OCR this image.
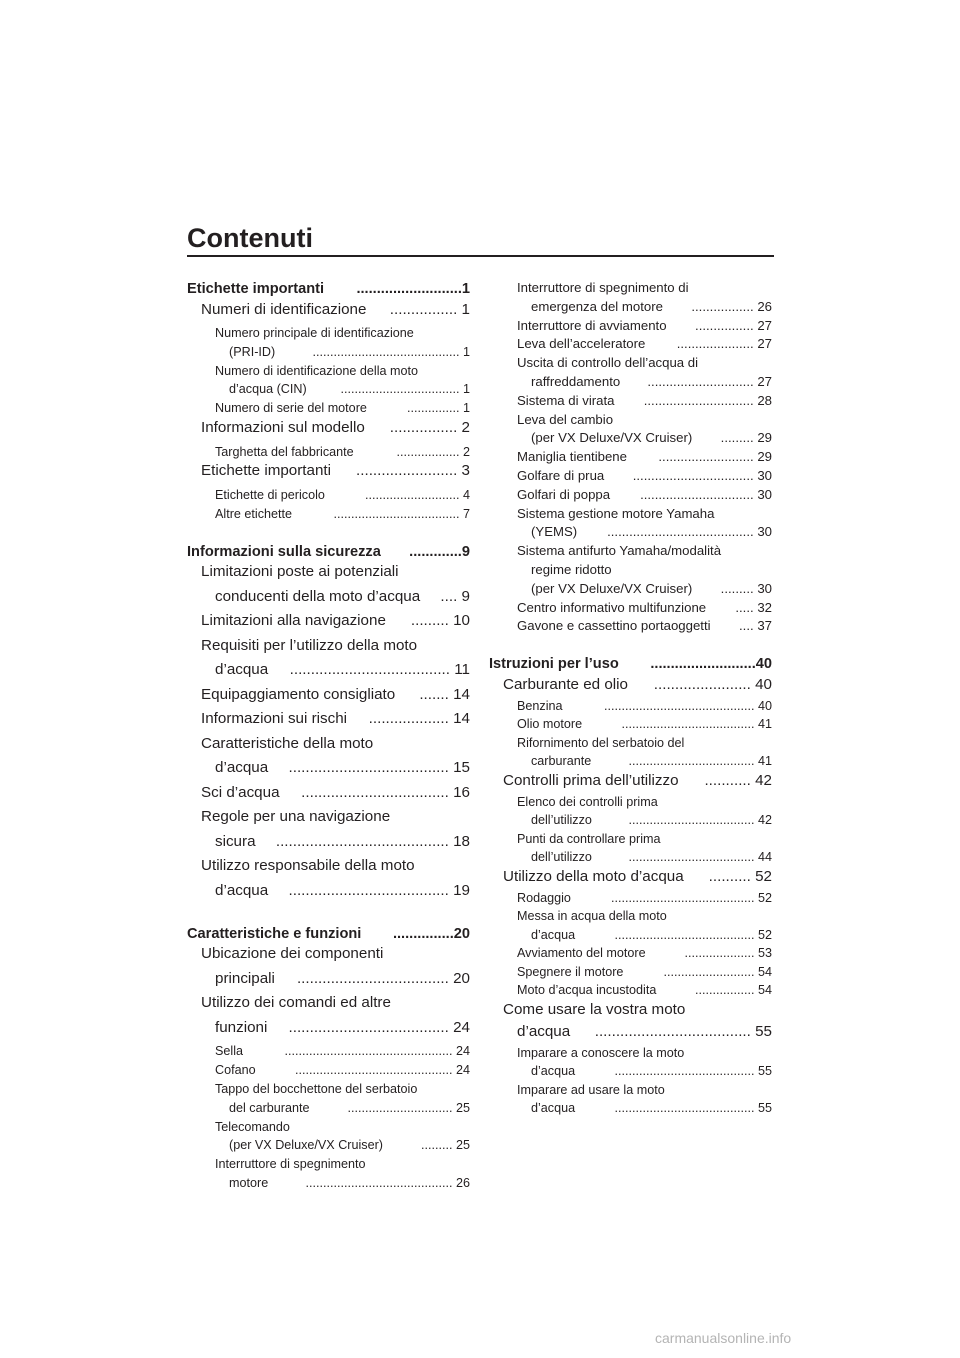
Contenuti
Etichette importanti ..........................1
Numeri di identificazione ................ 1
Numero principale di identificazione
(PRI-ID)	.......................................... 1
Numero di identificazione della moto
d’acqua (CIN)	.................................. 1
Numero di serie del motore	............... 1
Informazioni sul modello ................ 2
Targhetta del fabbricante	.................. 2
Etichette importanti ........................ 3
Etichette di pericolo	........................... 4
Altre etichette	.................................... 7
Informazioni sulla sicurezza .............9
Limitazioni poste ai potenziali
conducenti della moto d’acqua .... 9
Limitazioni alla navigazione ......... 10
Requisiti per l’utilizzo della moto
d’acqua ...................................... 11
Equipaggiamento consigliato ....... 14
Informazioni sui rischi ................... 14
Caratteristiche della moto
d’acqua ...................................... 15
Sci d’acqua ................................... 16
Regole per una navigazione
sicura ......................................... 18
Utilizzo responsabile della moto
d’acqua ...................................... 19
Caratteristiche e funzioni ...............20
Ubicazione dei componenti
principali .................................... 20
Utilizzo dei comandi ed altre
funzioni ...................................... 24
Sella	................................................ 24
Cofano	............................................. 24
Tappo del bocchettone del serbatoio
del carburante	.............................. 25
Telecomando
(per VX Deluxe/VX Cruiser)	......... 25
Interruttore di spegnimento
motore	.......................................... 26
Interruttore di spegnimento di
emergenza del motore ................. 26
Interruttore di avviamento ................ 27
Leva dell’acceleratore ..................... 27
Uscita di controllo dell’acqua di
raffreddamento ............................. 27
Sistema di virata .............................. 28
Leva del cambio
(per VX Deluxe/VX Cruiser) ......... 29
Maniglia tientibene .......................... 29
Golfare di prua ................................. 30
Golfari di poppa ............................... 30
Sistema gestione motore Yamaha
(YEMS) ........................................ 30
Sistema antifurto Yamaha/modalità
regime ridotto
(per VX Deluxe/VX Cruiser) ......... 30
Centro informativo multifunzione ..... 32
Gavone e cassettino portaoggetti .... 37
Istruzioni per l’uso ..........................40
Carburante ed olio ....................... 40
Benzina	........................................... 40
Olio motore	...................................... 41
Rifornimento del serbatoio del
carburante	.................................... 41
Controlli prima dell’utilizzo ........... 42
Elenco dei controlli prima
dell’utilizzo	.................................... 42
Punti da controllare prima
dell’utilizzo	.................................... 44
Utilizzo della moto d’acqua .......... 52
Rodaggio	......................................... 52
Messa in acqua della moto
d’acqua	........................................ 52
Avviamento del motore	.................... 53
Spegnere il motore	.......................... 54
Moto d’acqua incustodita	................. 54
Come usare la vostra moto
d’acqua ..................................... 55
Imparare a conoscere la moto
d’acqua	........................................ 55
Imparare ad usare la moto
d’acqua	........................................ 55
carmanualsonline.info
